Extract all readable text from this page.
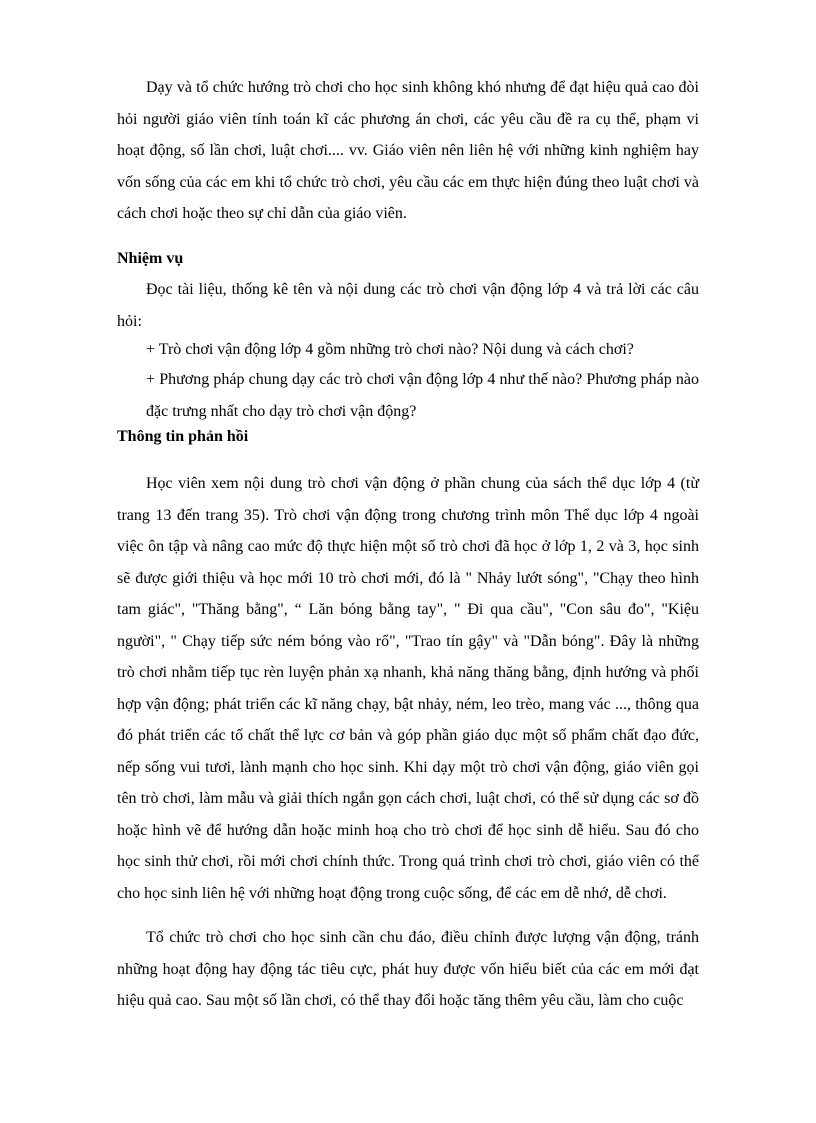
Dạy và tổ chức hướng trò chơi cho học sinh không khó nhưng để đạt hiệu quả cao đòi hỏi người giáo viên tính toán kĩ các phương án chơi, các yêu cầu đề ra cụ thể, phạm vi hoạt động, số lần chơi, luật chơi.... vv. Giáo viên nên liên hệ với những kinh nghiệm hay vốn sống của các em khi tổ chức trò chơi, yêu cầu các em thực hiện đúng theo luật chơi và cách chơi hoặc theo sự chỉ dẫn của giáo viên.

Nhiệm vụ

Đọc tài liệu, thống kê tên và nội dung các trò chơi vận động lớp 4 và trả lời các câu hỏi:

+ Trò chơi vận động lớp 4 gồm những trò chơi nào? Nội dung và cách chơi?

+ Phương pháp chung dạy các trò chơi vận động lớp 4 như thế nào? Phương pháp nào đặc trưng nhất cho dạy trò chơi vận động?

Thông tin phản hồi

Học viên xem nội dung trò chơi vận động ở phần chung của sách thể dục lớp 4 (từ trang 13 đến trang 35). Trò chơi vận động trong chương trình môn Thể dục lớp 4 ngoài việc ôn tập và nâng cao mức độ thực hiện một số trò chơi đã học ở lớp 1, 2 và 3, học sinh sẽ được giới thiệu và học mới 10 trò chơi mới, đó là " Nhảy lướt sóng", "Chạy theo hình tam giác", "Thăng bằng", “ Lăn bóng bằng tay", " Đi qua cầu", "Con sâu đo", "Kiệu người", " Chạy tiếp sức ném bóng vào rổ", "Trao tín gậy" và "Dẫn bóng". Đây là những trò chơi nhằm tiếp tục rèn luyện phản xạ nhanh, khả năng thăng bằng, định hướng và phối hợp vận động; phát triển các kĩ năng chạy, bật nhảy, ném, leo trèo, mang vác ..., thông qua đó phát triển các tố chất thể lực cơ bản và góp phần giáo dục một số phẩm chất đạo đức, nếp sống vui tươi, lành mạnh cho học sinh. Khi dạy một trò chơi vận động, giáo viên gọi tên trò chơi, làm mẫu và giải thích ngắn gọn cách chơi, luật chơi, có thể sử dụng các sơ đồ hoặc hình vẽ để hướng dẫn hoặc minh hoạ cho trò chơi để học sinh dễ hiểu. Sau đó cho học sinh thử chơi, rồi mới chơi chính thức. Trong quá trình chơi trò chơi, giáo viên có thể cho học sinh liên hệ với những hoạt động trong cuộc sống, để các em dễ nhớ, dễ chơi.

Tổ chức trò chơi cho học sinh cần chu đáo, điều chỉnh được lượng vận động, tránh những hoạt động hay động tác tiêu cực, phát huy được vốn hiểu biết của các em mới đạt hiệu quả cao. Sau một số lần chơi, có thể thay đổi hoặc tăng thêm yêu cầu, làm cho cuộc
